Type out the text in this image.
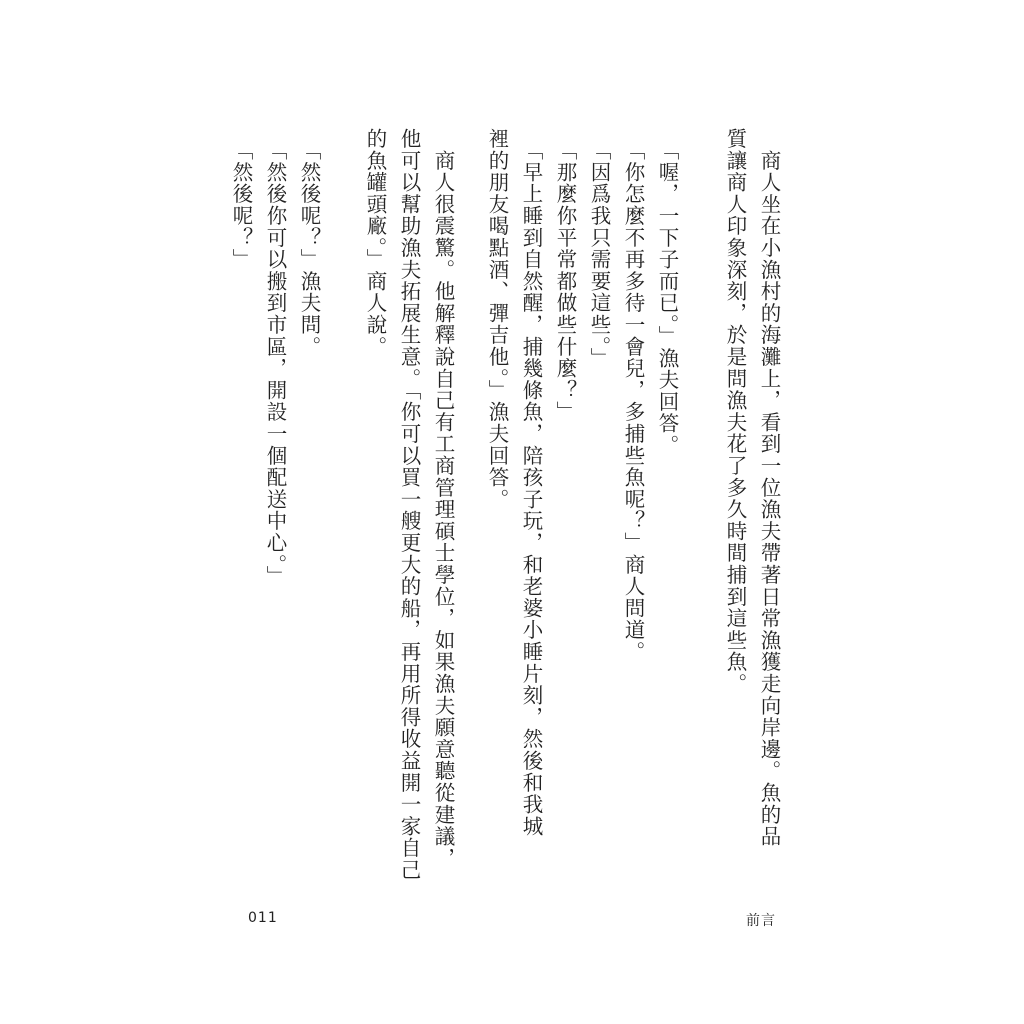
　商人坐在小漁村的海灘上，看到一位漁夫帶著日常漁獲走向岸邊。魚的品
質讓商人印象深刻，於是問漁夫花了多久時間捕到這些魚。
　「喔，一下子而已。」漁夫回答。
　「你怎麼不再多待一會兒，多捕些魚呢？」商人問道。
　「因爲我只需要這些。」
　「那麼你平常都做些什麼？」
　「早上睡到自然醒，捕幾條魚，陪孩子玩，和老婆小睡片刻，然後和我城
裡的朋友喝點酒、彈吉他。」漁夫回答。
　商人很震驚。他解釋說自己有工商管理碩士學位，如果漁夫願意聽從建議，
他可以幫助漁夫拓展生意。「你可以買一艘更大的船，再用所得收益開一家自己
的魚罐頭廠。」商人說。
　「然後呢？」漁夫問。
　「然後你可以搬到市區，開設一個配送中心。」
　「然後呢？」
011	前言
